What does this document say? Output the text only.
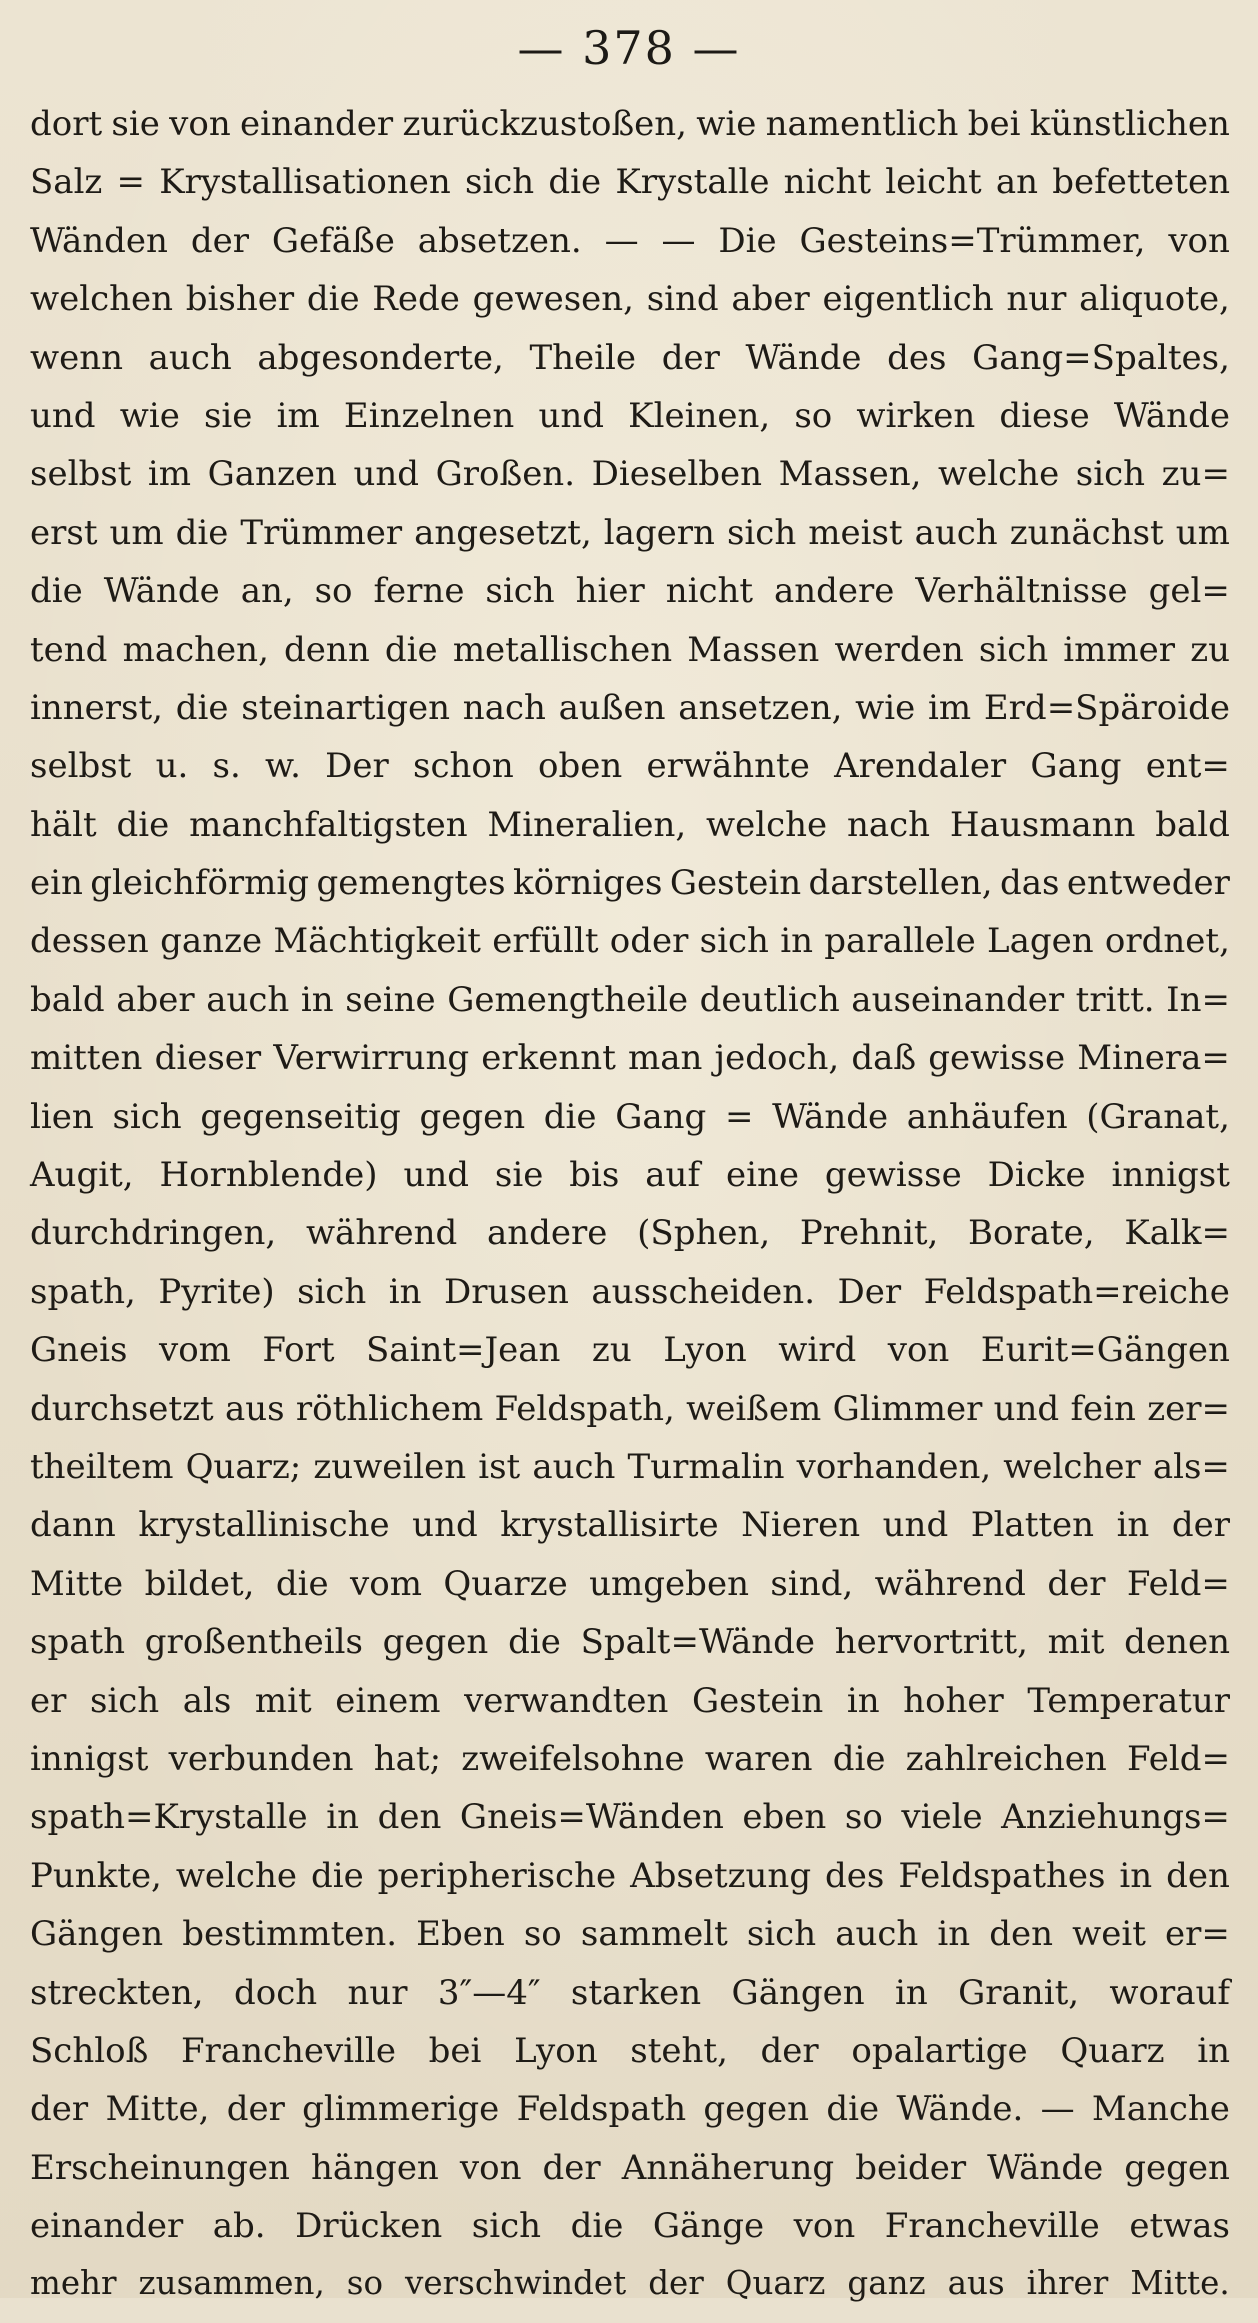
— 378 —
dort sie von einander zurückzustoßen, wie namentlich bei künstlichen
Salz = Krystallisationen sich die Krystalle nicht leicht an befetteten
Wänden der Gefäße absetzen. — — Die Gesteins=Trümmer, von
welchen bisher die Rede gewesen, sind aber eigentlich nur aliquote,
wenn auch abgesonderte, Theile der Wände des Gang=Spaltes,
und wie sie im Einzelnen und Kleinen, so wirken diese Wände
selbst im Ganzen und Großen. Dieselben Massen, welche sich zu=
erst um die Trümmer angesetzt, lagern sich meist auch zunächst um
die Wände an, so ferne sich hier nicht andere Verhältnisse gel=
tend machen, denn die metallischen Massen werden sich immer zu
innerst, die steinartigen nach außen ansetzen, wie im Erd=Späroide
selbst u. s. w. Der schon oben erwähnte Arendaler Gang ent=
hält die manchfaltigsten Mineralien, welche nach Hausmann bald
ein gleichförmig gemengtes körniges Gestein darstellen, das entweder
dessen ganze Mächtigkeit erfüllt oder sich in parallele Lagen ordnet,
bald aber auch in seine Gemengtheile deutlich auseinander tritt. In=
mitten dieser Verwirrung erkennt man jedoch, daß gewisse Minera=
lien sich gegenseitig gegen die Gang = Wände anhäufen (Granat,
Augit, Hornblende) und sie bis auf eine gewisse Dicke innigst
durchdringen, während andere (Sphen, Prehnit, Borate, Kalk=
spath, Pyrite) sich in Drusen ausscheiden. Der Feldspath=reiche
Gneis vom Fort Saint=Jean zu Lyon wird von Eurit=Gängen
durchsetzt aus röthlichem Feldspath, weißem Glimmer und fein zer=
theiltem Quarz; zuweilen ist auch Turmalin vorhanden, welcher als=
dann krystallinische und krystallisirte Nieren und Platten in der
Mitte bildet, die vom Quarze umgeben sind, während der Feld=
spath großentheils gegen die Spalt=Wände hervortritt, mit denen
er sich als mit einem verwandten Gestein in hoher Temperatur
innigst verbunden hat; zweifelsohne waren die zahlreichen Feld=
spath=Krystalle in den Gneis=Wänden eben so viele Anziehungs=
Punkte, welche die peripherische Absetzung des Feldspathes in den
Gängen bestimmten. Eben so sammelt sich auch in den weit er=
streckten, doch nur 3″—4″ starken Gängen in Granit, worauf
Schloß Francheville bei Lyon steht, der opalartige Quarz in
der Mitte, der glimmerige Feldspath gegen die Wände. — Manche
Erscheinungen hängen von der Annäherung beider Wände gegen
einander ab. Drücken sich die Gänge von Francheville etwas
mehr zusammen, so verschwindet der Quarz ganz aus ihrer Mitte.
